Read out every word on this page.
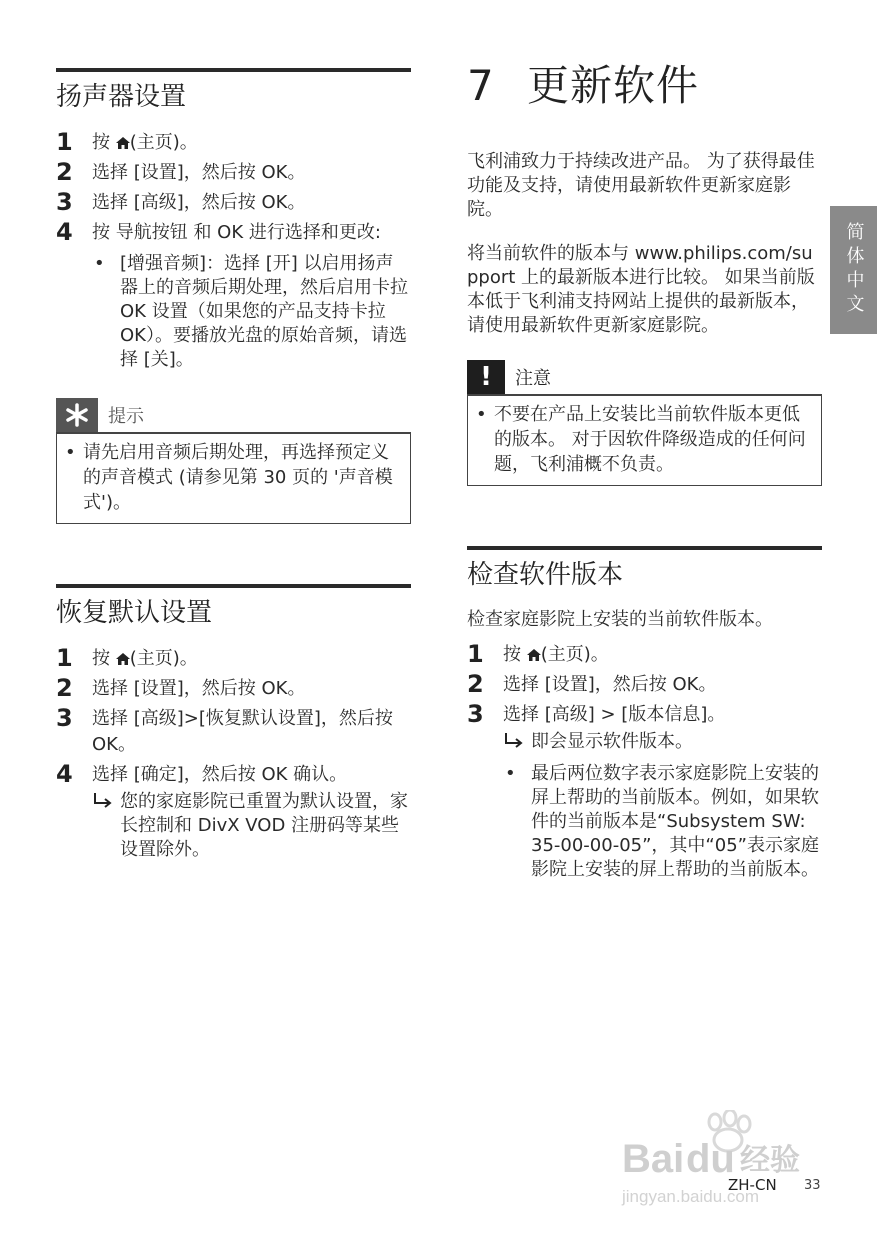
扬声器设置
1	按 (主页)。
2	选择 [设置]，然后按 OK。
3	选择 [高级]，然后按 OK。
4	按 导航按钮 和 OK 进行选择和更改:
• [增强音频]：选择 [开] 以启用扬声器上的音频后期处理，然后启用卡拉 OK 设置（如果您的产品支持卡拉 OK）。要播放光盘的原始音频，请选择 [关]。
提示
• 请先启用音频后期处理，再选择预定义的声音模式 (请参见第 30 页的 '声音模式')。
恢复默认设置
1	按 (主页)。
2	选择 [设置]，然后按 OK。
3	选择 [高级]>[恢复默认设置]，然后按 OK。
4	选择 [确定]，然后按 OK 确认。
您的家庭影院已重置为默认设置，家长控制和 DivX VOD 注册码等某些设置除外。
7 更新软件

飞利浦致力于持续改进产品。 为了获得最佳功能及支持，请使用最新软件更新家庭影院。

将当前软件的版本与 www.philips.com/support 上的最新版本进行比较。 如果当前版本低于飞利浦支持网站上提供的最新版本，请使用最新软件更新家庭影院。

!	注意
• 不要在产品上安装比当前软件版本更低的版本。 对于因软件降级造成的任何问题，飞利浦概不负责。
检查软件版本

检查家庭影院上安装的当前软件版本。

1	按 (主页)。
2	选择 [设置]，然后按 OK。
3	选择 [高级] > [版本信息]。
即会显示软件版本。
• 最后两位数字表示家庭影院上安装的屏上帮助的当前版本。例如，如果软件的当前版本是“Subsystem SW: 35-00-00-05”，其中“05”表示家庭影院上安装的屏上帮助的当前版本。
简体中文
Bai du 经验
jingyan.baidu.com
ZH-CN 33
